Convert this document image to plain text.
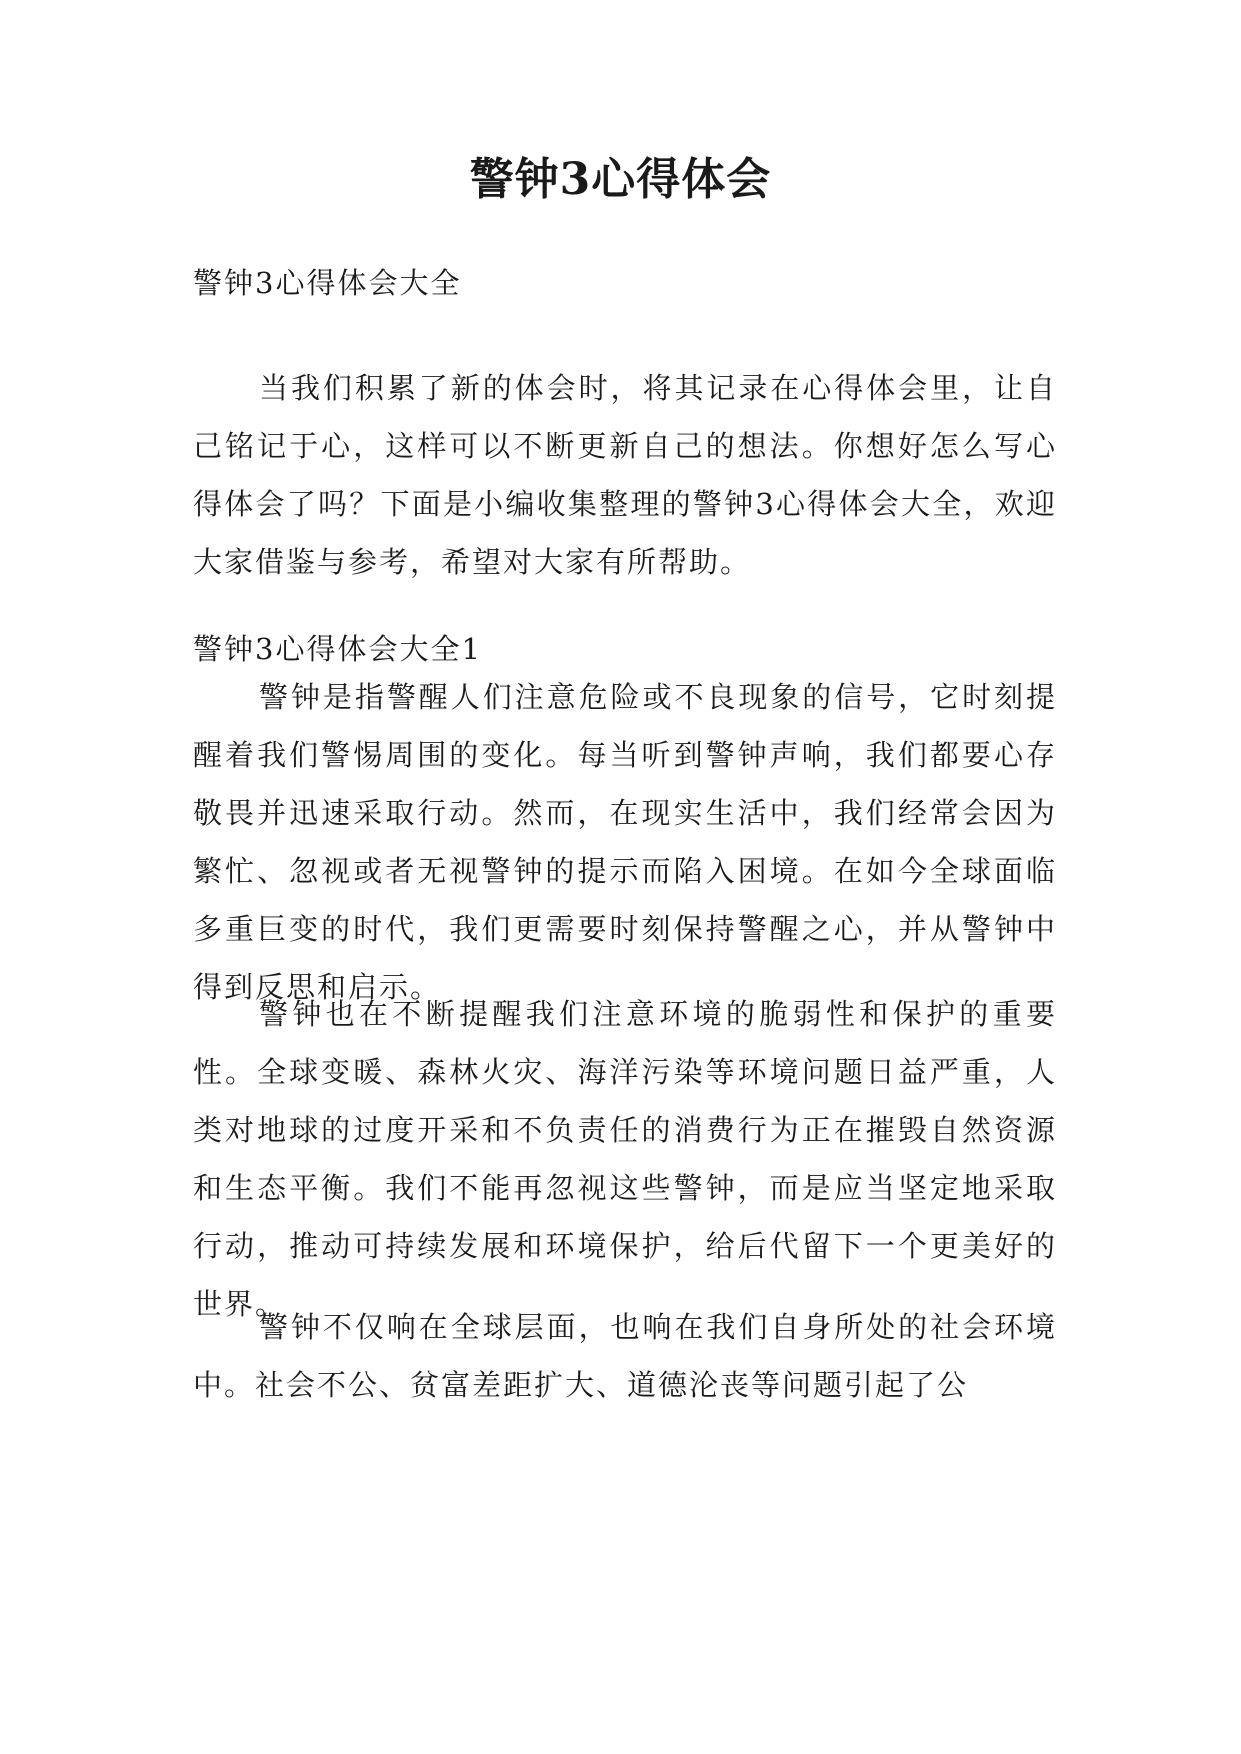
警钟3心得体会
警钟3心得体会大全

当我们积累了新的体会时，将其记录在心得体会里，让自己铭记于心，这样可以不断更新自己的想法。你想好怎么写心得体会了吗？下面是小编收集整理的警钟3心得体会大全，欢迎大家借鉴与参考，希望对大家有所帮助。

警钟3心得体会大全1

警钟是指警醒人们注意危险或不良现象的信号，它时刻提醒着我们警惕周围的变化。每当听到警钟声响，我们都要心存敬畏并迅速采取行动。然而，在现实生活中，我们经常会因为繁忙、忽视或者无视警钟的提示而陷入困境。在如今全球面临多重巨变的时代，我们更需要时刻保持警醒之心，并从警钟中得到反思和启示。

警钟也在不断提醒我们注意环境的脆弱性和保护的重要性。全球变暖、森林火灾、海洋污染等环境问题日益严重，人类对地球的过度开采和不负责任的消费行为正在摧毁自然资源和生态平衡。我们不能再忽视这些警钟，而是应当坚定地采取行动，推动可持续发展和环境保护，给后代留下一个更美好的世界。

警钟不仅响在全球层面，也响在我们自身所处的社会环境中。社会不公、贫富差距扩大、道德沦丧等问题引起了公
